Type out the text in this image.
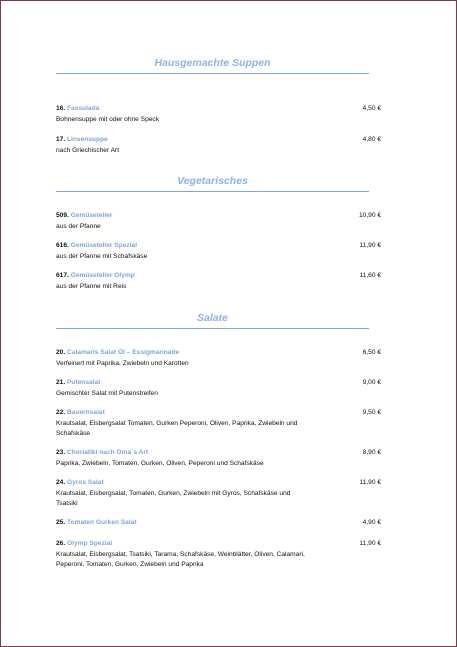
Hausgemachte Suppen
16. Fassulada	4,50 €
Bohnensuppe mit oder ohne Speck
17. Linsensuppe	4,80 €
nach Griechischer Art
Vegetarisches
509. Gemüseteller	10,90 €
aus der Pfanne
616. Gemüseteller Spezial	11,90 €
aus der Pfanne mit Schafskäse
617. Gemüseteller Olymp	11,60 €
aus der Pfanne mit Reis
Salate
20. Calamaris Salat Öl – Essigmarinade	6,50 €
Verfeinert mit Paprika, Zwiebeln und Karotten
21. Putensalat	9,00 €
Gemischter Salat mit Putenstreifen
22. Bauernsalat	9,50 €
Krautsalat, Eisbergsalat Tomaten, Gurken Peperoni, Oliven, Paprika, Zwiebeln und Schafskäse
23. Choriatiki nach Oma´s Art	8,90 €
Paprika, Zwiebeln, Tomaten, Gurken, Oliven, Peperoni und Schafskäse
24. Gyros Salat	11,90 €
Krautsalat, Eisbergsalat, Tomaten, Gurken, Zwiebeln mit Gyros, Schafskäse und Tsatsiki
25. Tomaten Gurken Salat	4,90 €
26. Olymp Spezial	11,90 €
Krautsalat, Eisbergsalat, Tsatsiki, Tarama, Schafskäse, Weinblätter, Oliven, Calamari, Peperoni, Tomaten, Gurken, Zwiebeln und Paprika
